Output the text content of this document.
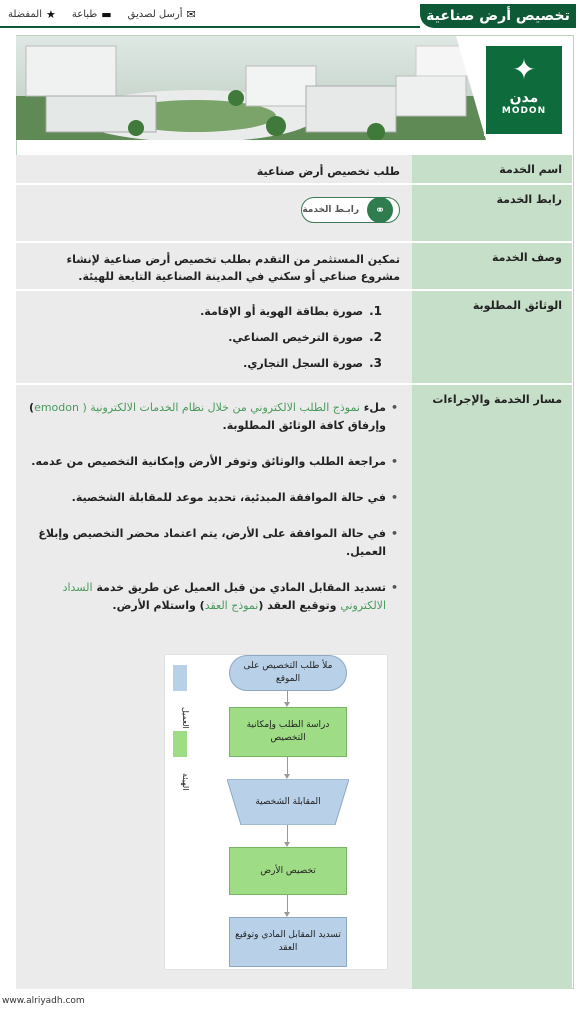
تخصيص أرض صناعية
✉
أرسل لصديق
▬
طباعة
★
المفضلة
✦
مدن
MODON
اسم الخدمة
طلب تخصيص أرض صناعية
رابط الخدمة
⚭
رابـط الخدمة
وصف الخدمة
تمكين المستثمر من التقدم بطلب تخصيص أرض صناعية لإنشاء مشروع صناعي أو سكني في المدينة الصناعية التابعة للهيئة.
الوثائق المطلوبة
1.صورة بطاقة الهوية أو الإقامة.
2.صورة الترخيص الصناعي.
3.صورة السجل التجاري.
مسار الخدمة والإجراءات
• ملء نموذج الطلب الالكتروني من خلال نظام الخدمات الالكترونية ( emodon) وإرفاق كافة الوثائق المطلوبة.
• مراجعة الطلب والوثائق وتوفر الأرض وإمكانية التخصيص من عدمه.
• في حالة الموافقة المبدئية، تحديد موعد للمقابلة الشخصية.
• في حالة الموافقة على الأرض، يتم اعتماد محضر التخصيص وإبلاغ العميل.
• تسديد المقابل المادي من قبل العميل عن طريق خدمة السداد الالكتروني وتوقيع العقد (نموذج العقد) واستلام الأرض.
العميل
الهيئة
ملأ طلب التخصيص على الموقع
دراسة الطلب وإمكانية التخصيص
المقابلة الشخصية
تخصيص الأرض
تسديد المقابل المادي وتوقيع العقد
www.alriyadh.com
